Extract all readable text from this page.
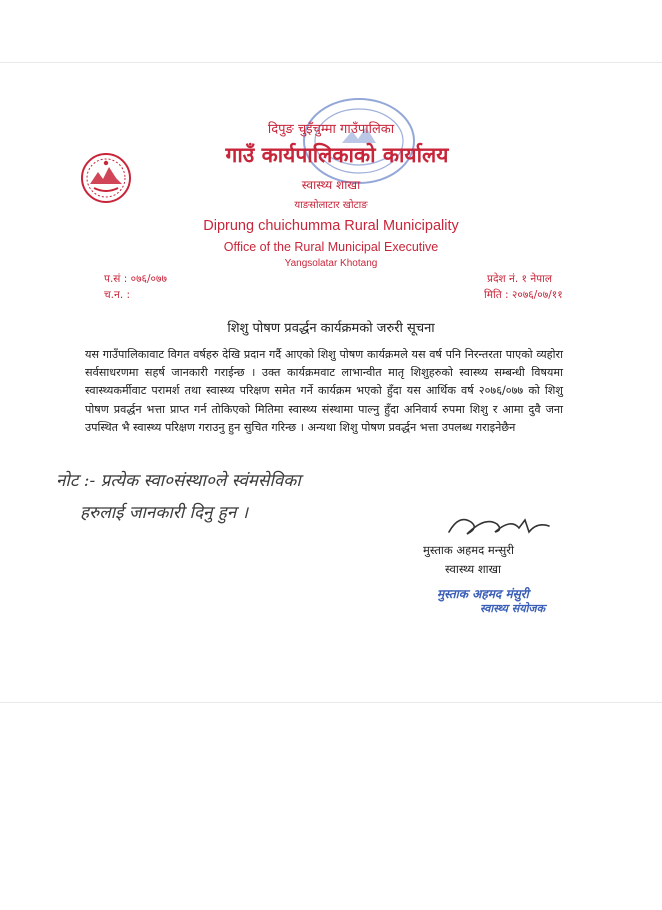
दिपुङ चुइँचुम्मा गाउँपालिका
गाउँ कार्यपालिकाको कार्यालय
स्वास्थ्य शाखा
याङसोलाटार खोटाङ
Diprung chuichumma Rural Municipality
Office of the Rural Municipal Executive
Yangsolatar Khotang
प.सं : ०७६/०७७
च.न. :
प्रदेश नं. १ नेपाल
मिति : २०७६/०७/११
शिशु पोषण प्रवर्द्धन कार्यक्रमको जरुरी सूचना
यस गाउँपालिकावाट विगत वर्षहरु देखि प्रदान गर्दै आएको शिशु पोषण कार्यक्रमले यस वर्ष पनि निरन्तरता पाएको व्यहोरा सर्वसाधरणमा सहर्ष जानकारी गराईन्छ । उक्त कार्यक्रमवाट लाभान्वीत मातृ शिशुहरुको स्वास्थ्य सम्बन्धी विषयमा स्वास्थ्यकर्मीवाट परामर्श तथा स्वास्थ्य परिक्षण समेत गर्ने कार्यक्रम भएको हुँदा यस आर्थिक वर्ष २०७६/०७७ को शिशु पोषण प्रवर्द्धन भत्ता प्राप्त गर्न तोकिएको मितिमा स्वास्थ्य संस्थामा पाल्नु हुँदा अनिवार्य रुपमा शिशु र आमा दुवै जना उपस्थित भै स्वास्थ्य परिक्षण गराउनु हुन सुचित गरिन्छ । अन्यथा शिशु पोषण प्रवर्द्धन भत्ता उपलब्ध गराइनेछैन
नोट :- प्रत्येक स्वा०संस्था०ले स्वंमसेविका
हरुलाई जानकारी दिनु हुन ।
मुस्ताक अहमद मन्सुरी
स्वास्थ्य शाखा
मुस्ताक अहमद मंसुरी
स्वास्थ्य संयोजक
